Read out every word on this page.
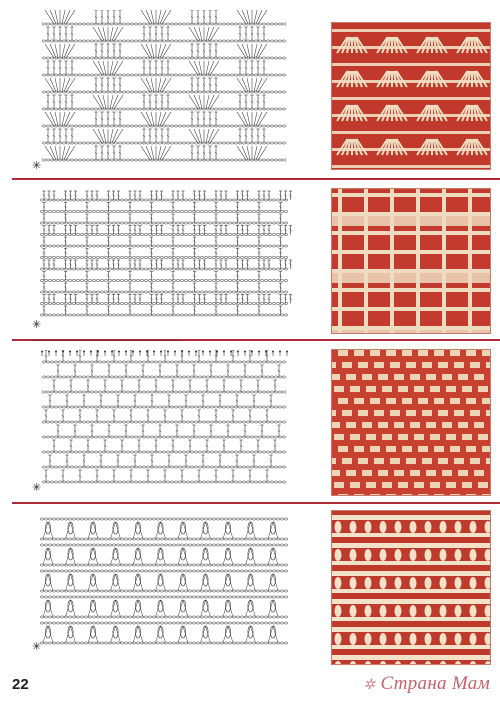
✳
✳
✳
✳
22	✲ Страна Мам
